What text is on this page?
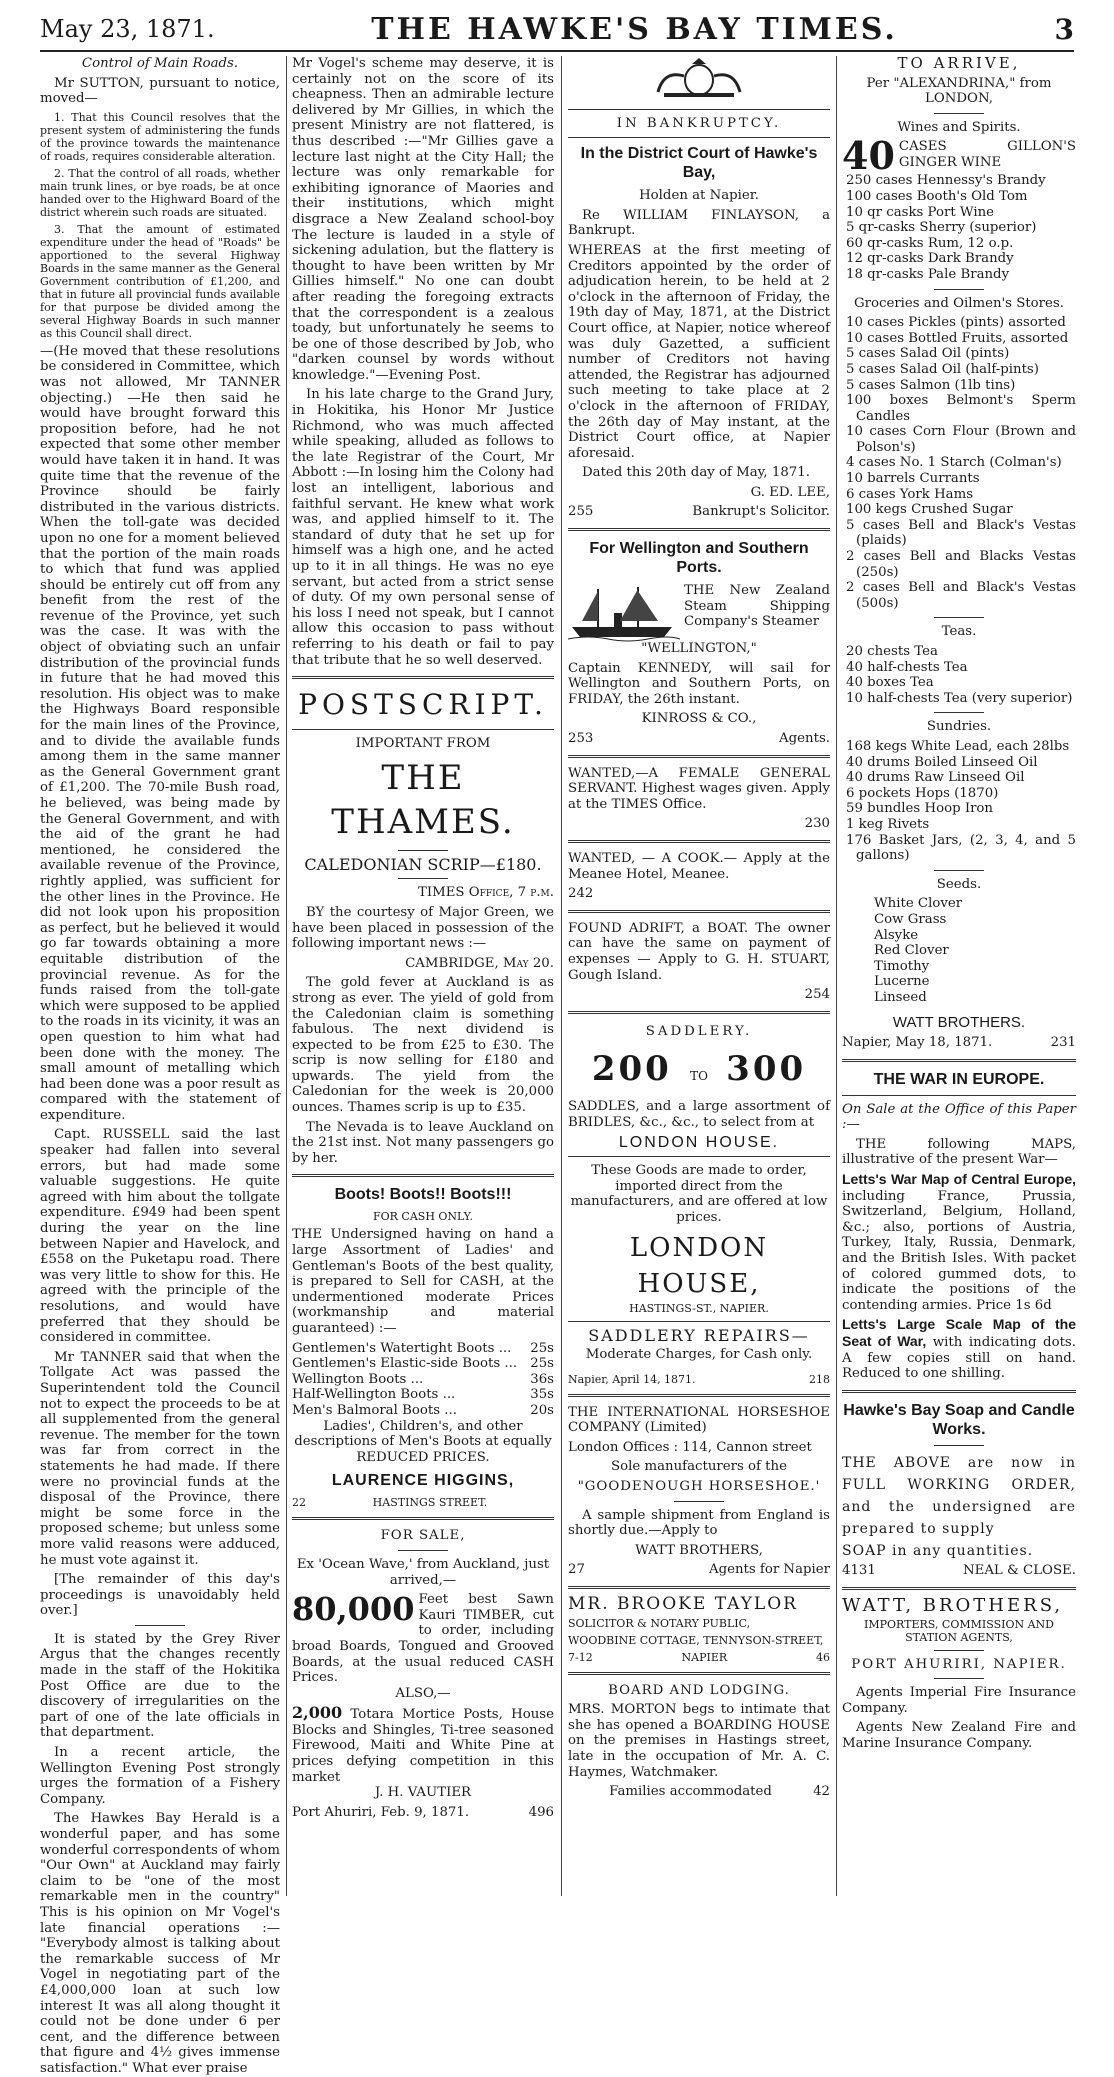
May 23, 1871.	THE HAWKE'S BAY TIMES.	3

Control of Main Roads.

Mr SUTTON, pursuant to notice, moved—

1. That this Council resolves that the present system of administering the funds of the province towards the maintenance of roads, requires considerable alteration.

2. That the control of all roads, whether main trunk lines, or bye roads, be at once handed over to the Highward Board of the district wherein such roads are situated.

3. That the amount of estimated expenditure under the head of "Roads" be apportioned to the several Highway Boards in the same manner as the General Government contribution of £1,200, and that in future all provincial funds available for that purpose be divided among the several Highway Boards in such manner as this Council shall direct.

—(He moved that these resolutions be considered in Committee, which was not allowed, Mr TANNER objecting.) —He then said he would have brought forward this proposition before, had he not expected that some other member would have taken it in hand. It was quite time that the revenue of the Province should be fairly distributed in the various districts. When the toll-gate was decided upon no one for a moment believed that the portion of the main roads to which that fund was applied should be entirely cut off from any benefit from the rest of the revenue of the Province, yet such was the case. It was with the object of obviating such an unfair distribution of the provincial funds in future that he had moved this resolution. His object was to make the Highways Board responsible for the main lines of the Province, and to divide the available funds among them in the same manner as the General Government grant of £1,200. The 70-mile Bush road, he believed, was being made by the General Government, and with the aid of the grant he had mentioned, he considered the available revenue of the Province, rightly applied, was sufficient for the other lines in the Province. He did not look upon his proposition as perfect, but he believed it would go far towards obtaining a more equitable distribution of the provincial revenue. As for the funds raised from the toll-gate which were supposed to be applied to the roads in its vicinity, it was an open question to him what had been done with the money. The small amount of metalling which had been done was a poor result as compared with the statement of expenditure.

Capt. RUSSELL said the last speaker had fallen into several errors, but had made some valuable suggestions. He quite agreed with him about the tollgate expenditure. £949 had been spent during the year on the line between Napier and Havelock, and £558 on the Puketapu road. There was very little to show for this. He agreed with the principle of the resolutions, and would have preferred that they should be considered in committee.

Mr TANNER said that when the Tollgate Act was passed the Superintendent told the Council not to expect the proceeds to be at all supplemented from the general revenue. The member for the town was far from correct in the statements he had made. If there were no provincial funds at the disposal of the Province, there might be some force in the proposed scheme; but unless some more valid reasons were adduced, he must vote against it.

[The remainder of this day's proceedings is unavoidably held over.]

It is stated by the Grey River Argus that the changes recently made in the staff of the Hokitika Post Office are due to the discovery of irregularities on the part of one of the late officials in that department.

In a recent article, the Wellington Evening Post strongly urges the formation of a Fishery Company.

The Hawkes Bay Herald is a wonderful paper, and has some wonderful correspondents of whom "Our Own" at Auckland may fairly claim to be "one of the most remarkable men in the country" This is his opinion on Mr Vogel's late financial operations :— "Everybody almost is talking about the remarkable success of Mr Vogel in negotiating part of the £4,000,000 loan at such low interest It was all along thought it could not be done under 6 per cent, and the difference between that figure and 4½ gives immense satisfaction." What ever praise

Mr Vogel's scheme may deserve, it is certainly not on the score of its cheapness. Then an admirable lecture delivered by Mr Gillies, in which the present Ministry are not flattered, is thus described :—"Mr Gillies gave a lecture last night at the City Hall; the lecture was only remarkable for exhibiting ignorance of Maories and their institutions, which might disgrace a New Zealand school-boy The lecture is lauded in a style of sickening adulation, but the flattery is thought to have been written by Mr Gillies himself." No one can doubt after reading the foregoing extracts that the correspondent is a zealous toady, but unfortunately he seems to be one of those described by Job, who "darken counsel by words without knowledge."—Evening Post.

In his late charge to the Grand Jury, in Hokitika, his Honor Mr Justice Richmond, who was much affected while speaking, alluded as follows to the late Registrar of the Court, Mr Abbott :—In losing him the Colony had lost an intelligent, laborious and faithful servant. He knew what work was, and applied himself to it. The standard of duty that he set up for himself was a high one, and he acted up to it in all things. He was no eye servant, but acted from a strict sense of duty. Of my own personal sense of his loss I need not speak, but I cannot allow this occasion to pass without referring to his death or fail to pay that tribute that he so well deserved.

POSTSCRIPT.

IMPORTANT FROM

THE THAMES.

CALEDONIAN SCRIP—£180.

TIMES Office, 7 p.m.

BY the courtesy of Major Green, we have been placed in possession of the following important news :—

CAMBRIDGE, May 20.

The gold fever at Auckland is as strong as ever. The yield of gold from the Caledonian claim is something fabulous. The next dividend is expected to be from £25 to £30. The scrip is now selling for £180 and upwards. The yield from the Caledonian for the week is 20,000 ounces. Thames scrip is up to £35.

The Nevada is to leave Auckland on the 21st inst. Not many passengers go by her.

Boots! Boots!! Boots!!!

FOR CASH ONLY.

THE Undersigned having on hand a large Assortment of Ladies' and Gentleman's Boots of the best quality, is prepared to Sell for CASH, at the undermentioned moderate Prices (workmanship and material guaranteed) :—

Gentlemen's Watertight Boots ... 25s
Gentlemen's Elastic-side Boots ... 25s
Wellington Boots ...	36s
Half-Wellington Boots ...	35s
Men's Balmoral Boots ...	20s

Ladies', Children's, and other descriptions of Men's Boots at equally REDUCED PRICES.

LAURENCE HIGGINS,
22	HASTINGS STREET.

FOR SALE,

Ex 'Ocean Wave,' from Auckland, just arrived,—

80,000 Feet best Sawn Kauri TIMBER, cut to order, including broad Boards, Tongued and Grooved Boards, at the usual reduced CASH Prices.

ALSO,—

2,000 Totara Mortice Posts, House Blocks and Shingles, Ti-tree seasoned Firewood, Maiti and White Pine at prices defying competition in this market

J. H. VAUTIER

Port Ahuriri, Feb. 9, 1871.	496

IN BANKRUPTCY.

In the District Court of Hawke's Bay,

Holden at Napier.

Re WILLIAM FINLAYSON, a Bankrupt.

WHEREAS at the first meeting of Creditors appointed by the order of adjudication herein, to be held at 2 o'clock in the afternoon of Friday, the 19th day of May, 1871, at the District Court office, at Napier, notice whereof was duly Gazetted, a sufficient number of Creditors not having attended, the Registrar has adjourned such meeting to take place at 2 o'clock in the afternoon of FRIDAY, the 26th day of May instant, at the District Court office, at Napier aforesaid.

Dated this 20th day of May, 1871.

G. ED. LEE,

255	Bankrupt's Solicitor.
For Wellington and Southern Ports.
THE New Zealand Steam Shipping Company's Steamer

"WELLINGTON,"

Captain KENNEDY, will sail for Wellington and Southern Ports, on FRIDAY, the 26th instant.

KINROSS & CO.,

253	Agents.

WANTED,—A FEMALE GENERAL SERVANT. Highest wages given. Apply at the TIMES Office.

230

WANTED, — A COOK.— Apply at the Meanee Hotel, Meanee.

242

FOUND ADRIFT, a BOAT. The owner can have the same on payment of expenses — Apply to G. H. STUART, Gough Island.

254

SADDLERY.

200 TO 300

SADDLES, and a large assortment of BRIDLES, &c., &c., to select from at

LONDON HOUSE.

These Goods are made to order, imported direct from the manufacturers, and are offered at low prices.

LONDON HOUSE,

HASTINGS-ST., NAPIER.

SADDLERY REPAIRS—

Moderate Charges, for Cash only.

Napier, April 14, 1871.	218

THE INTERNATIONAL HORSESHOE COMPANY (Limited)

London Offices : 114, Cannon street

Sole manufacturers of the

"GOODENOUGH HORSESHOE.'

A sample shipment from England is shortly due.—Apply to

WATT BROTHERS,

27	Agents for Napier

MR. BROOKE TAYLOR

SOLICITOR & NOTARY PUBLIC,

WOODBINE COTTAGE, TENNYSON-STREET,

7-12	NAPIER	46

BOARD AND LODGING.

MRS. MORTON begs to intimate that she has opened a BOARDING HOUSE on the premises in Hastings street, late in the occupation of Mr. A. C. Haymes, Watchmaker.

Families accommodated	42

TO ARRIVE,

Per "ALEXANDRINA," from LONDON,

Wines and Spirits.

40 CASES GILLON'S GINGER WINE
250 cases Hennessy's Brandy
100 cases Booth's Old Tom
10 qr casks Port Wine
5 qr-casks Sherry (superior)
60 qr-casks Rum, 12 o.p.
12 qr-casks Dark Brandy
18 qr-casks Pale Brandy

Groceries and Oilmen's Stores.

10 cases Pickles (pints) assorted
10 cases Bottled Fruits, assorted
5 cases Salad Oil (pints)
5 cases Salad Oil (half-pints)
5 cases Salmon (1lb tins)
100 boxes Belmont's Sperm Candles
10 cases Corn Flour (Brown and Polson's)
4 cases No. 1 Starch (Colman's)
10 barrels Currants
6 cases York Hams
100 kegs Crushed Sugar
5 cases Bell and Black's Vestas (plaids)
2 cases Bell and Blacks Vestas (250s)
2 cases Bell and Black's Vestas (500s)

Teas.

20 chests Tea
40 half-chests Tea
40 boxes Tea
10 half-chests Tea (very superior)

Sundries.

168 kegs White Lead, each 28lbs
40 drums Boiled Linseed Oil
40 drums Raw Linseed Oil
6 pockets Hops (1870)
59 bundles Hoop Iron
1 keg Rivets
176 Basket Jars, (2, 3, 4, and 5 gallons)

Seeds.

White Clover
Cow Grass
Alsyke
Red Clover
Timothy
Lucerne
Linseed

WATT BROTHERS.

Napier, May 18, 1871.	231
THE WAR IN EUROPE.

On Sale at the Office of this Paper :—

THE following MAPS, illustrative of the present War—

Letts's War Map of Central Europe, including France, Prussia, Switzerland, Belgium, Holland, &c.; also, portions of Austria, Turkey, Italy, Russia, Denmark, and the British Isles. With packet of colored gummed dots, to indicate the positions of the contending armies. Price 1s 6d

Letts's Large Scale Map of the Seat of War, with indicating dots. A few copies still on hand. Reduced to one shilling.

Hawke's Bay Soap and Candle Works.

THE ABOVE are now in FULL WORKING ORDER, and the undersigned are prepared to supply

SOAP in any quantities.

4131	NEAL & CLOSE.

WATT, BROTHERS,

IMPORTERS, COMMISSION AND STATION AGENTS,

PORT AHURIRI, NAPIER.

Agents Imperial Fire Insurance Company.

Agents New Zealand Fire and Marine Insurance Company.
